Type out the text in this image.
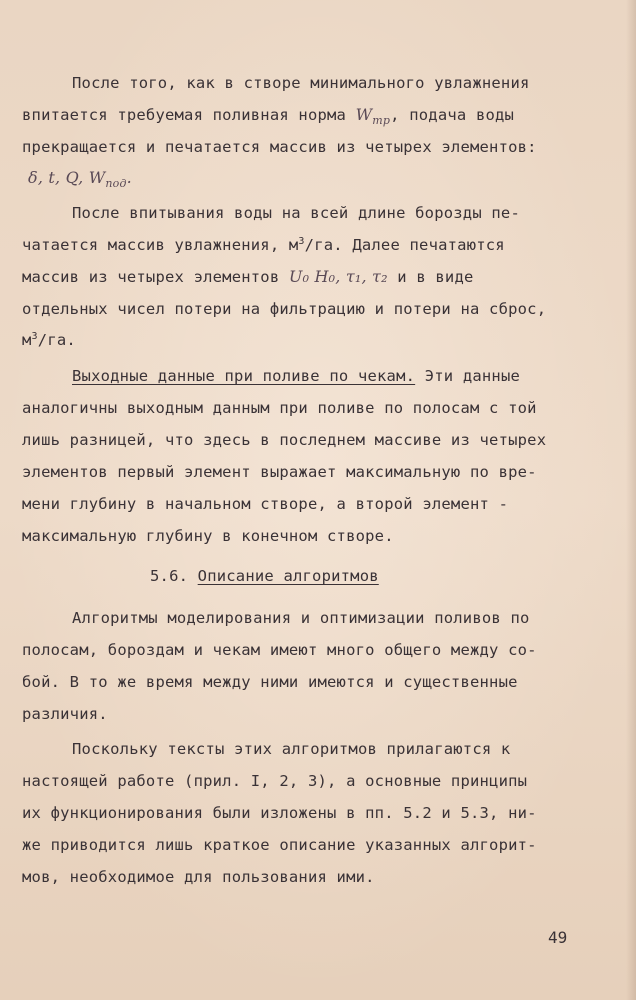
После того, как в створе минимального увлажнения
впитается требуемая поливная норма $W_{тр}$, подача воды
прекращается и печатается массив из четырех элементов:
δ, t, Q, $W_{под}$.
После впитывания воды на всей длине борозды пе-
чатается массив увлажнения, $м^3/га$. Далее печатаются
массив из четырех элементов U₀ H₀, τ₁, τ₂ и в виде
отдельных чисел потери на фильтрацию и потери на сброс,
$м^3/га$.
Выходные данные при поливе по чекам. Эти данные
аналогичны выходным данным при поливе по полосам с той
лишь разницей, что здесь в последнем массиве из четырех
элементов первый элемент выражает максимальную по вре-
мени глубину в начальном створе, а второй элемент -
максимальную глубину в конечном створе.
5.6. Описание алгоритмов
Алгоритмы моделирования и оптимизации поливов по
полосам, бороздам и чекам имеют много общего между со-
бой. В то же время между ними имеются и существенные
различия.
Поскольку тексты этих алгоритмов прилагаются к
настоящей работе (прил. I, 2, 3), а основные принципы
их функционирования были изложены в пп. 5.2 и 5.3, ни-
же приводится лишь краткое описание указанных алгорит-
мов, необходимое для пользования ими.
49
